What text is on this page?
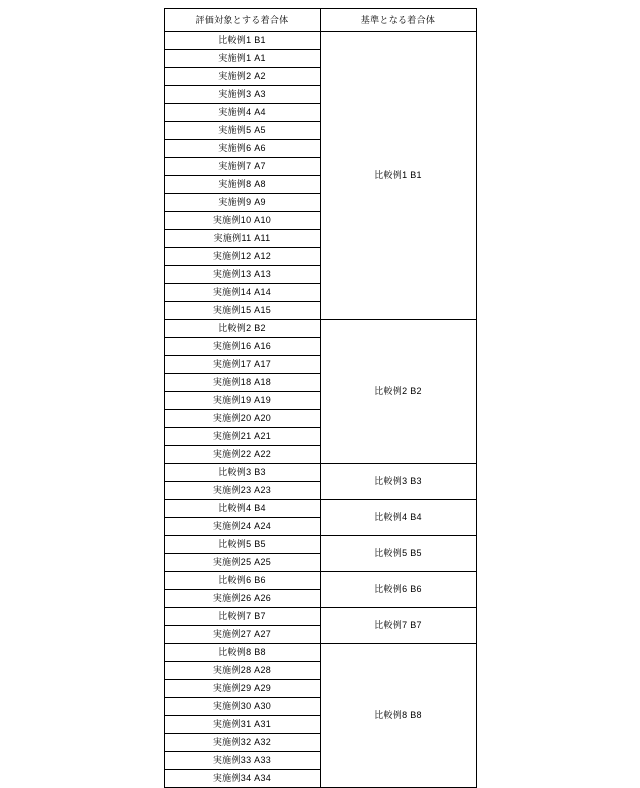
評価対象とする着合体	基準となる着合体
比較例1 B1	比較例1 B1
実施例1 A1	
実施例2 A2	
実施例3 A3	
実施例4 A4	
実施例5 A5	
実施例6 A6	
実施例7 A7	
実施例8 A8	
実施例9 A9	
実施例10 A10	
実施例11 A11	
実施例12 A12	
実施例13 A13	
実施例14 A14	
実施例15 A15	
比較例2 B2	比較例2 B2
実施例16 A16	
実施例17 A17	
実施例18 A18	
実施例19 A19	
実施例20 A20	
実施例21 A21	
実施例22 A22	
比較例3 B3	比較例3 B3
実施例23 A23	
比較例4 B4	比較例4 B4
実施例24 A24	
比較例5 B5	比較例5 B5
実施例25 A25	
比較例6 B6	比較例6 B6
実施例26 A26	
比較例7 B7	比較例7 B7
実施例27 A27	
比較例8 B8	比較例8 B8
実施例28 A28	
実施例29 A29	
実施例30 A30	
実施例31 A31	
実施例32 A32	
実施例33 A33	
実施例34 A34	
